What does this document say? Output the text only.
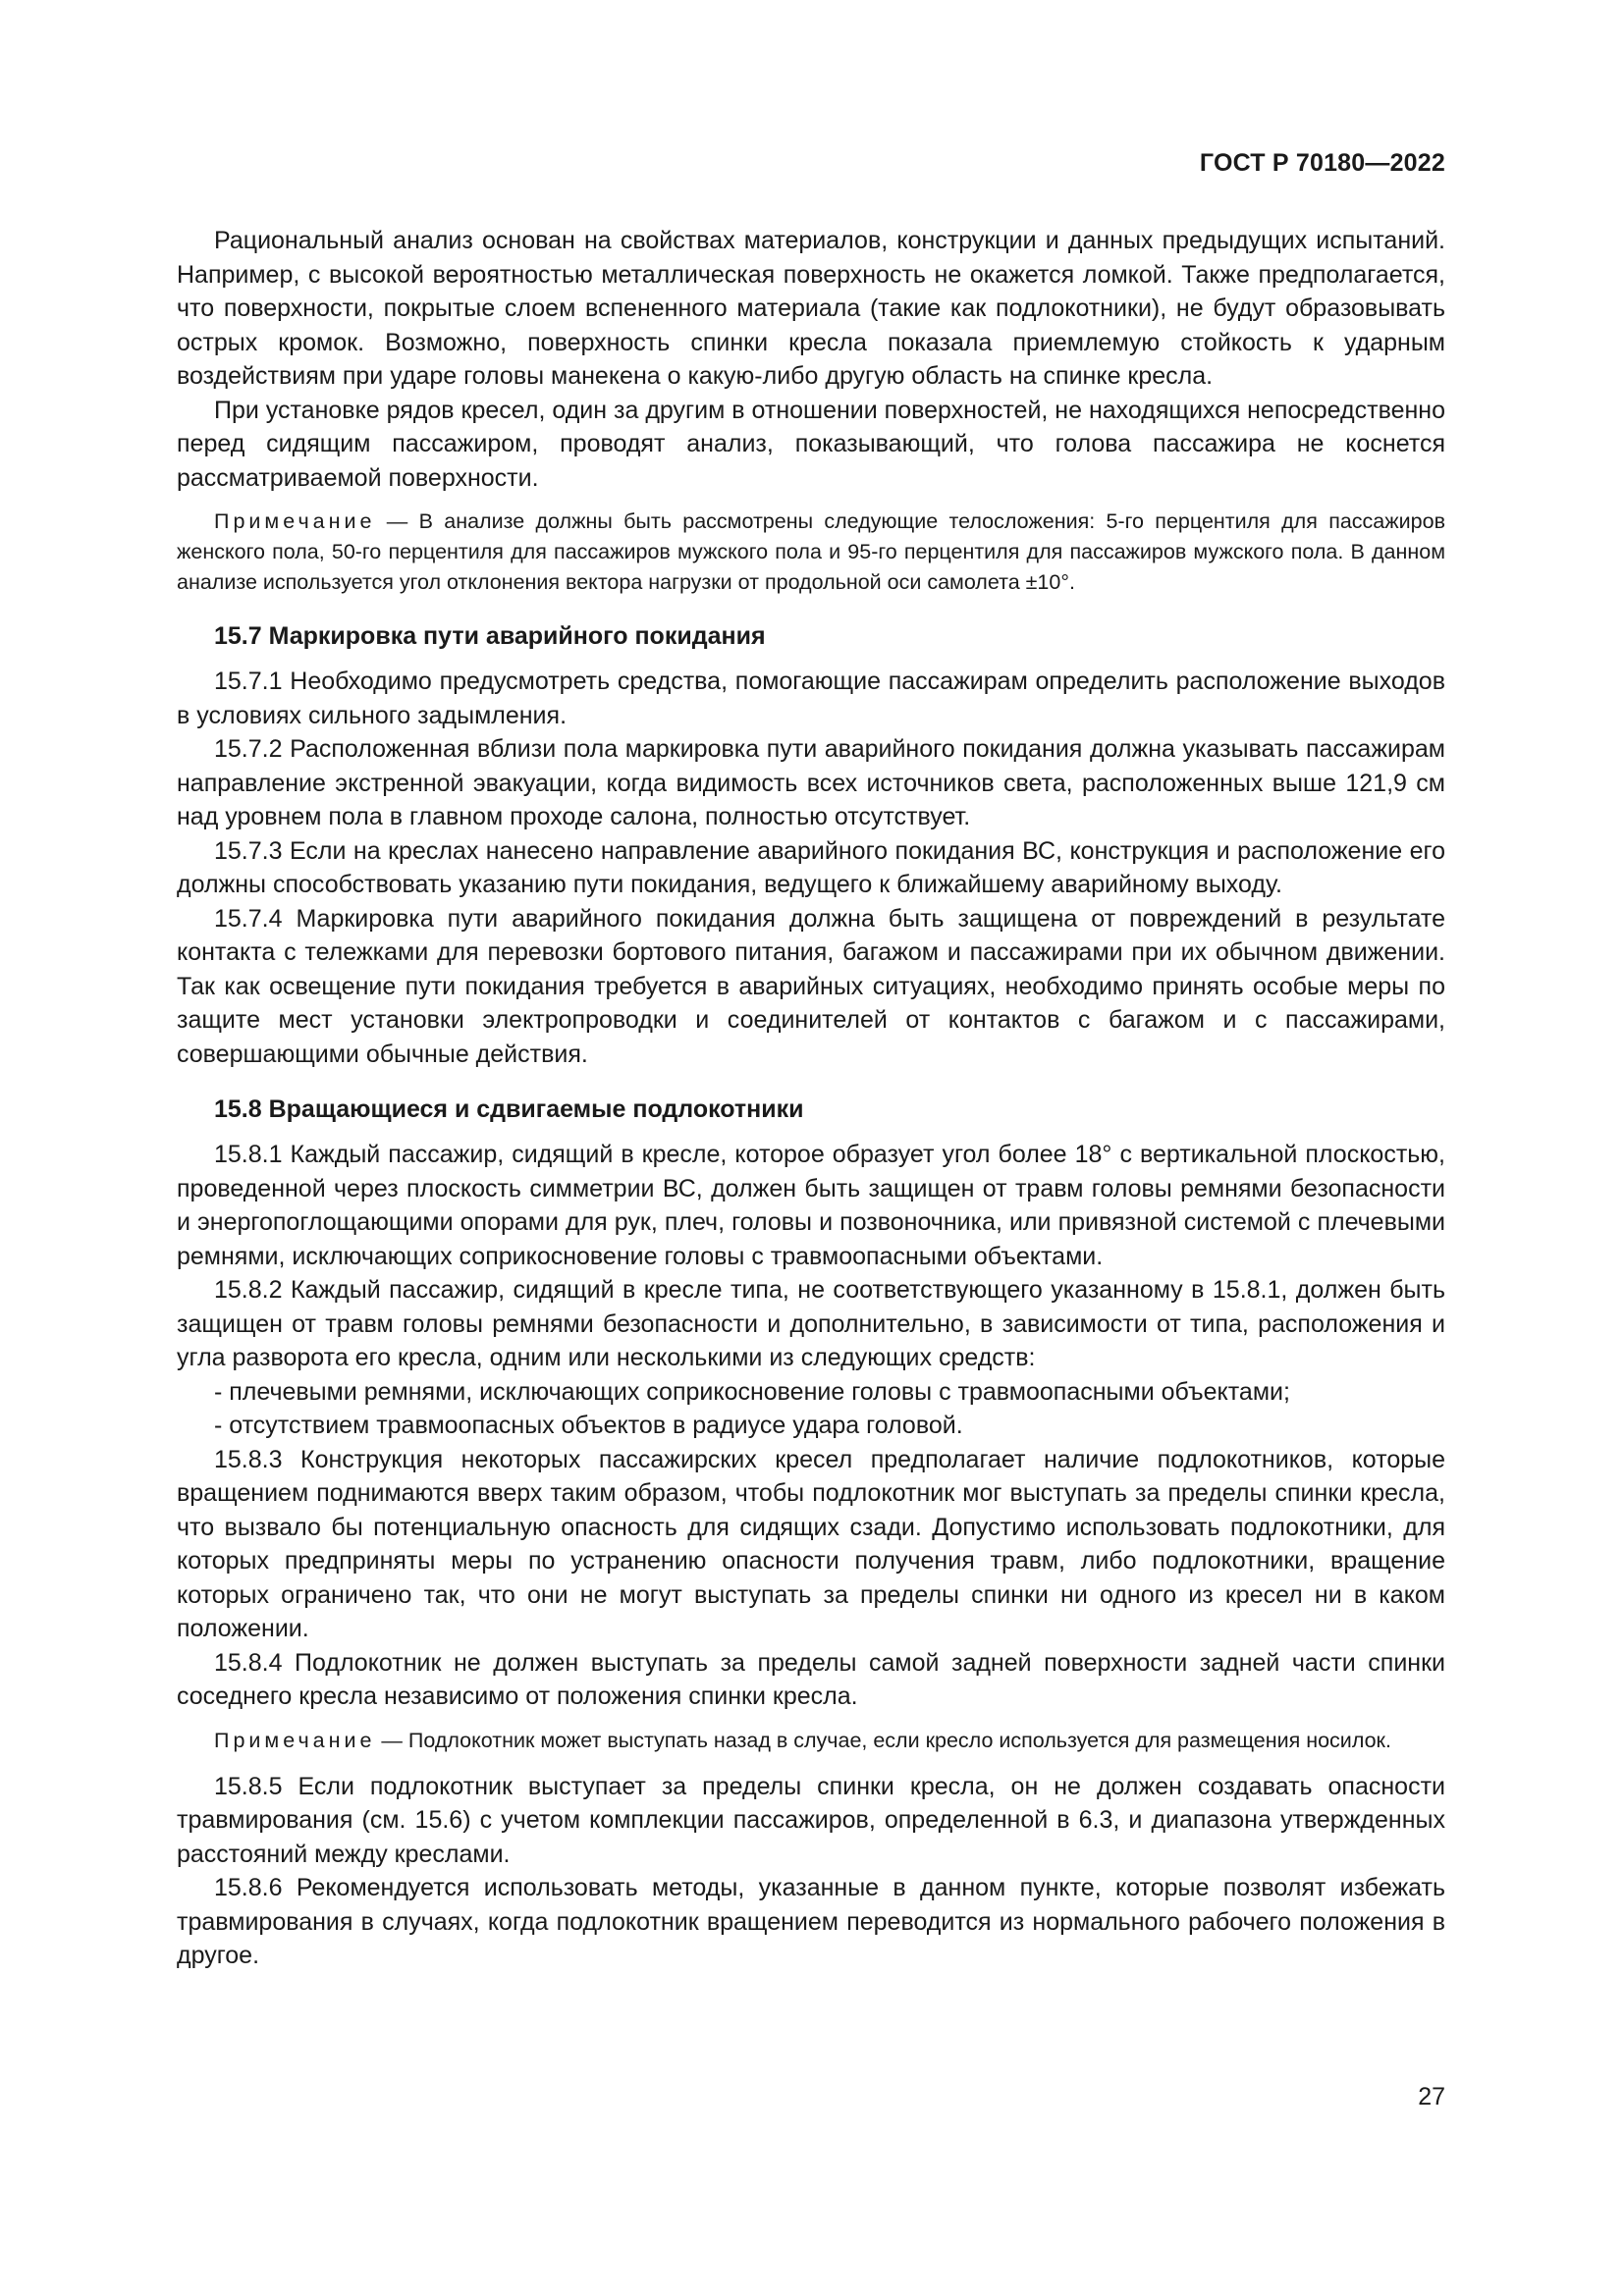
ГОСТ Р 70180—2022

Рациональный анализ основан на свойствах материалов, конструкции и данных предыдущих испытаний. Например, с высокой вероятностью металлическая поверхность не окажется ломкой. Также предполагается, что поверхности, покрытые слоем вспененного материала (такие как подлокотники), не будут образовывать острых кромок. Возможно, поверхность спинки кресла показала приемлемую стойкость к ударным воздействиям при ударе головы манекена о какую-либо другую область на спинке кресла.

При установке рядов кресел, один за другим в отношении поверхностей, не находящихся непосредственно перед сидящим пассажиром, проводят анализ, показывающий, что голова пассажира не коснется рассматриваемой поверхности.

Примечание — В анализе должны быть рассмотрены следующие телосложения: 5-го перцентиля для пассажиров женского пола, 50-го перцентиля для пассажиров мужского пола и 95-го перцентиля для пассажиров мужского пола. В данном анализе используется угол отклонения вектора нагрузки от продольной оси самолета ±10°.

15.7 Маркировка пути аварийного покидания

15.7.1 Необходимо предусмотреть средства, помогающие пассажирам определить расположение выходов в условиях сильного задымления.

15.7.2 Расположенная вблизи пола маркировка пути аварийного покидания должна указывать пассажирам направление экстренной эвакуации, когда видимость всех источников света, расположенных выше 121,9 см над уровнем пола в главном проходе салона, полностью отсутствует.

15.7.3 Если на креслах нанесено направление аварийного покидания ВС, конструкция и расположение его должны способствовать указанию пути покидания, ведущего к ближайшему аварийному выходу.

15.7.4 Маркировка пути аварийного покидания должна быть защищена от повреждений в результате контакта с тележками для перевозки бортового питания, багажом и пассажирами при их обычном движении. Так как освещение пути покидания требуется в аварийных ситуациях, необходимо принять особые меры по защите мест установки электропроводки и соединителей от контактов с багажом и с пассажирами, совершающими обычные действия.

15.8 Вращающиеся и сдвигаемые подлокотники

15.8.1 Каждый пассажир, сидящий в кресле, которое образует угол более 18° с вертикальной плоскостью, проведенной через плоскость симметрии ВС, должен быть защищен от травм головы ремнями безопасности и энергопоглощающими опорами для рук, плеч, головы и позвоночника, или привязной системой с плечевыми ремнями, исключающих соприкосновение головы с травмоопасными объектами.

15.8.2 Каждый пассажир, сидящий в кресле типа, не соответствующего указанному в 15.8.1, должен быть защищен от травм головы ремнями безопасности и дополнительно, в зависимости от типа, расположения и угла разворота его кресла, одним или несколькими из следующих средств:

- плечевыми ремнями, исключающих соприкосновение головы с травмоопасными объектами;

- отсутствием травмоопасных объектов в радиусе удара головой.

15.8.3 Конструкция некоторых пассажирских кресел предполагает наличие подлокотников, которые вращением поднимаются вверх таким образом, чтобы подлокотник мог выступать за пределы спинки кресла, что вызвало бы потенциальную опасность для сидящих сзади. Допустимо использовать подлокотники, для которых предприняты меры по устранению опасности получения травм, либо подлокотники, вращение которых ограничено так, что они не могут выступать за пределы спинки ни одного из кресел ни в каком положении.

15.8.4 Подлокотник не должен выступать за пределы самой задней поверхности задней части спинки соседнего кресла независимо от положения спинки кресла.

Примечание — Подлокотник может выступать назад в случае, если кресло используется для размещения носилок.

15.8.5 Если подлокотник выступает за пределы спинки кресла, он не должен создавать опасности травмирования (см. 15.6) с учетом комплекции пассажиров, определенной в 6.3, и диапазона утвержденных расстояний между креслами.

15.8.6 Рекомендуется использовать методы, указанные в данном пункте, которые позволят избежать травмирования в случаях, когда подлокотник вращением переводится из нормального рабочего положения в другое.

27
